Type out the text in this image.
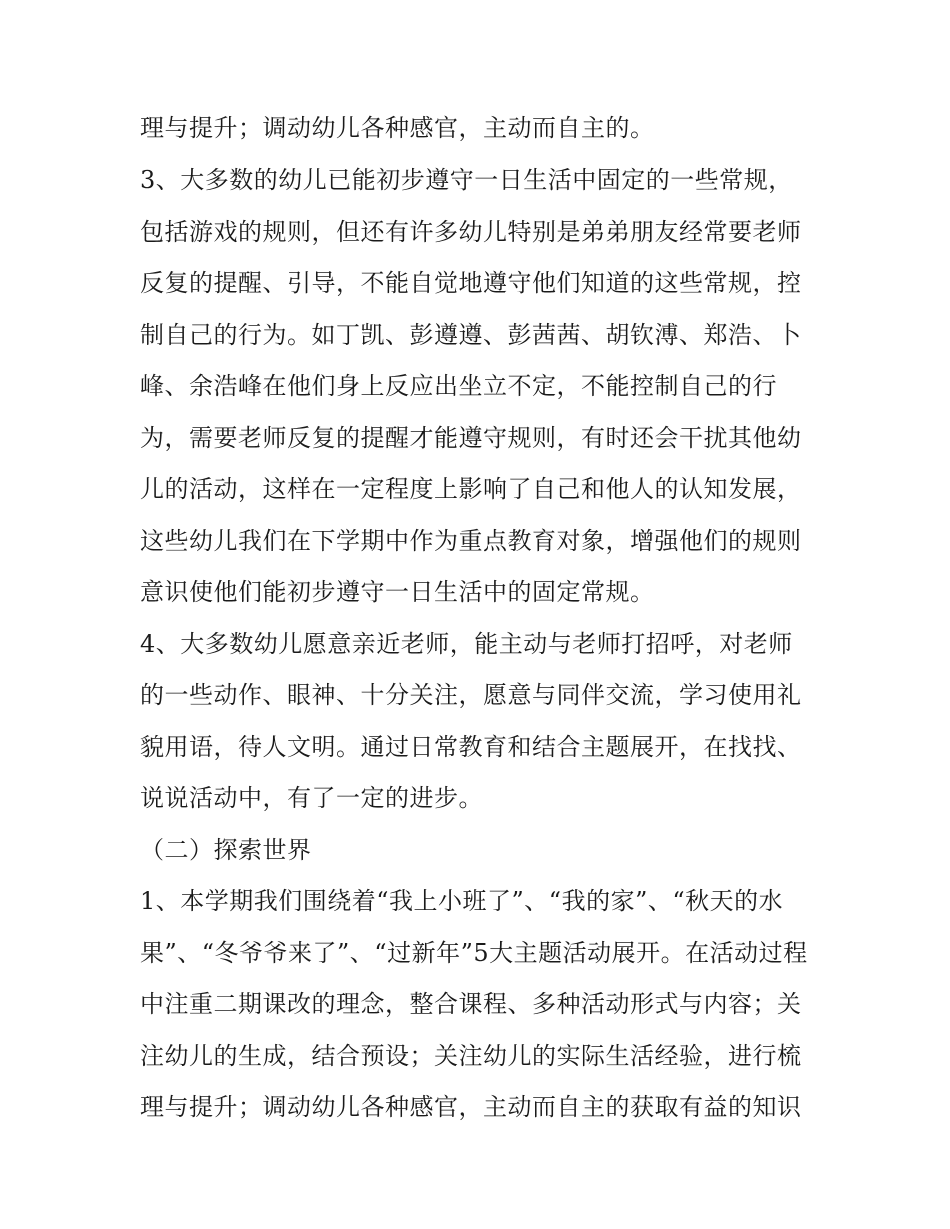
理与提升；调动幼儿各种感官，主动而自主的。
3、大多数的幼儿已能初步遵守一日生活中固定的一些常规，
包括游戏的规则，但还有许多幼儿特别是弟弟朋友经常要老师
反复的提醒、引导，不能自觉地遵守他们知道的这些常规，控
制自己的行为。如丁凯、彭遵遵、彭茜茜、胡钦溥、郑浩、卜
峰、余浩峰在他们身上反应出坐立不定，不能控制自己的行
为，需要老师反复的提醒才能遵守规则，有时还会干扰其他幼
儿的活动，这样在一定程度上影响了自己和他人的认知发展，
这些幼儿我们在下学期中作为重点教育对象，增强他们的规则
意识使他们能初步遵守一日生活中的固定常规。
4、大多数幼儿愿意亲近老师，能主动与老师打招呼，对老师
的一些动作、眼神、十分关注，愿意与同伴交流，学习使用礼
貌用语，待人文明。通过日常教育和结合主题展开，在找找、
说说活动中，有了一定的进步。
（二）探索世界
1、本学期我们围绕着“我上小班了”、“我的家”、“秋天的水
果”、“冬爷爷来了”、“过新年”5大主题活动展开。在活动过程
中注重二期课改的理念，整合课程、多种活动形式与内容；关
注幼儿的生成，结合预设；关注幼儿的实际生活经验，进行梳
理与提升；调动幼儿各种感官，主动而自主的获取有益的知识
